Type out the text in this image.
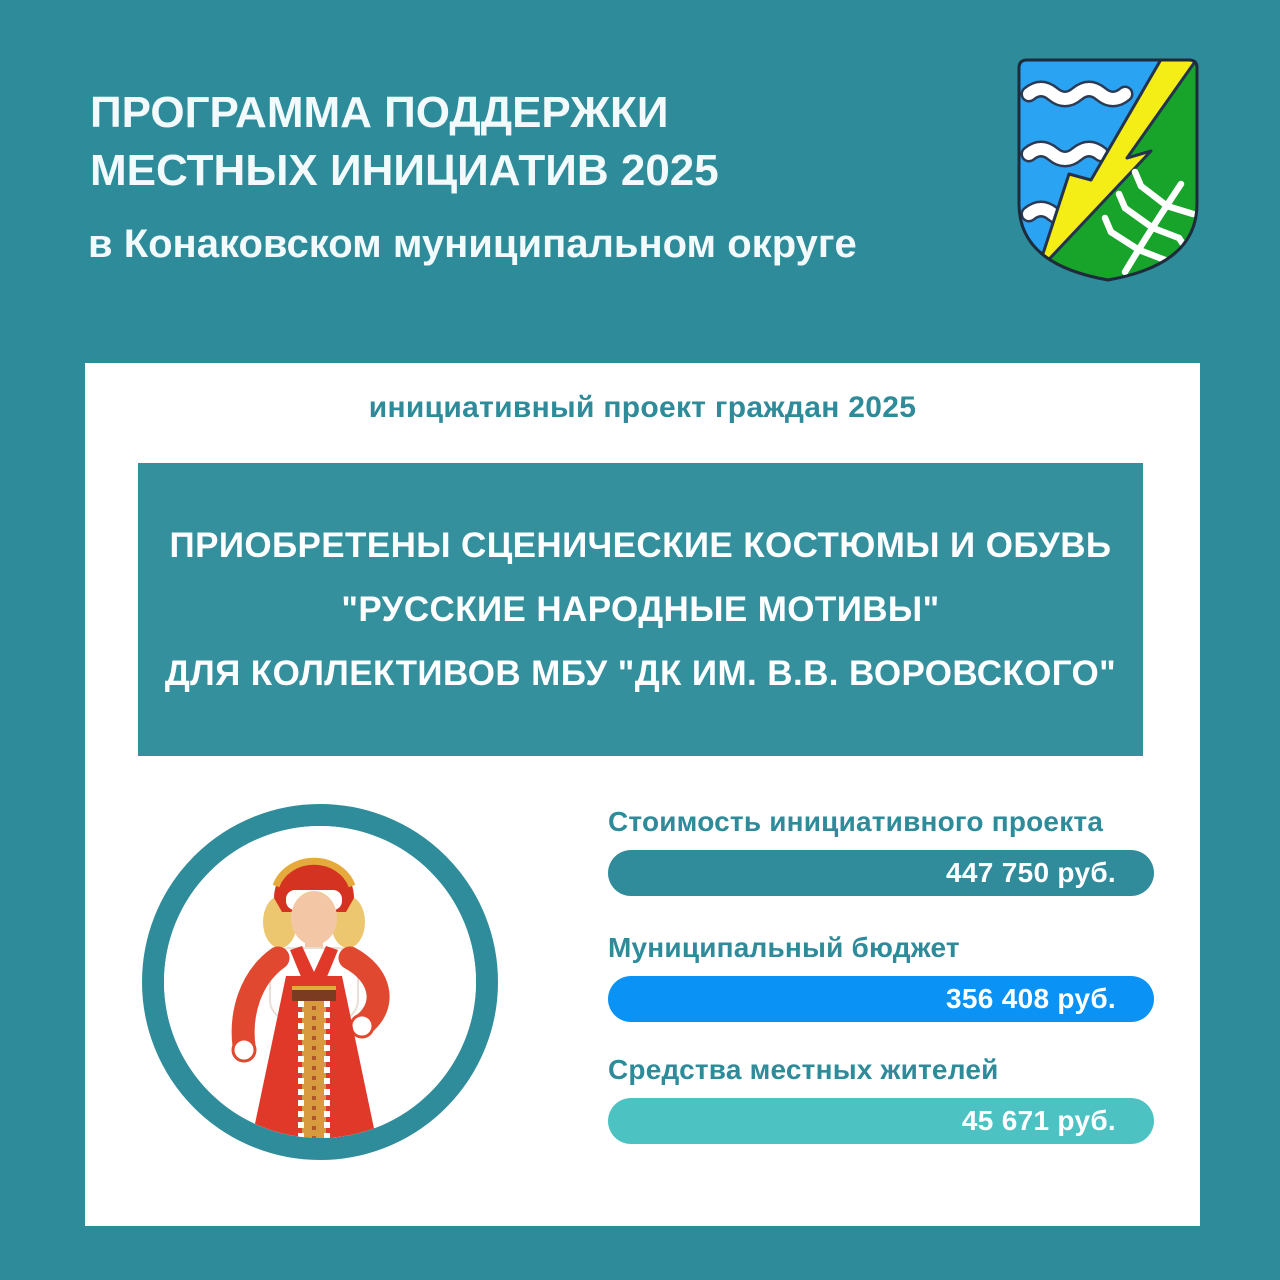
ПРОГРАММА ПОДДЕРЖКИ
МЕСТНЫХ ИНИЦИАТИВ 2025
в Конаковском муниципальном округе
инициативный проект граждан 2025
ПРИОБРЕТЕНЫ СЦЕНИЧЕСКИЕ КОСТЮМЫ И ОБУВЬ
"РУССКИЕ НАРОДНЫЕ МОТИВЫ"
ДЛЯ КОЛЛЕКТИВОВ МБУ "ДК ИМ. В.В. ВОРОВСКОГО"
Стоимость инициативного проекта
447 750 руб.
Муниципальный бюджет
356 408 руб.
Средства местных жителей
45 671 руб.
